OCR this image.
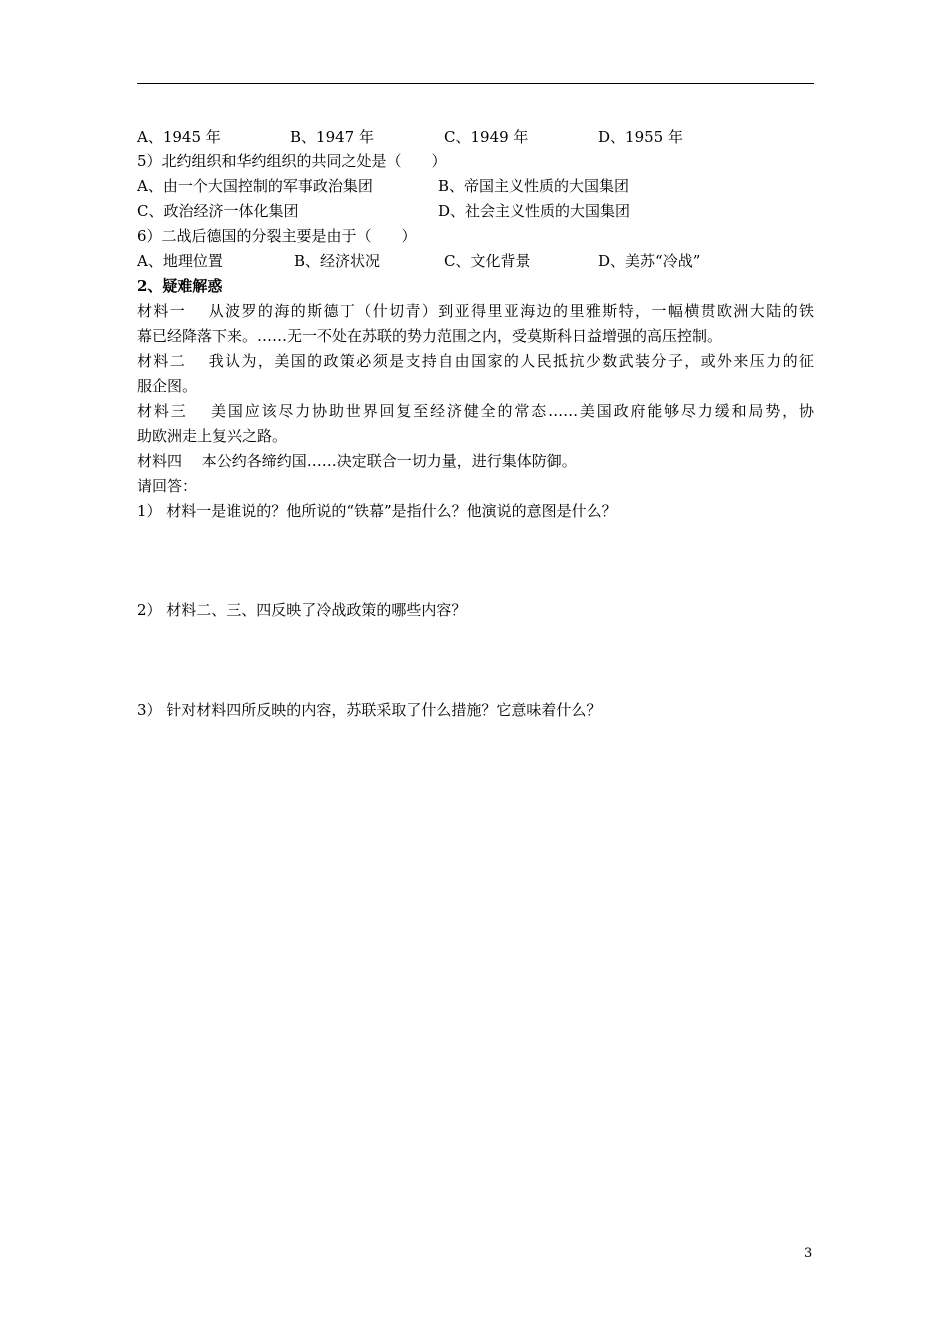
A、1945 年	B、1947 年	C、1949 年	D、1955 年
5）北约组织和华约组织的共同之处是（　　）
A、由一个大国控制的军事政治集团	B、帝国主义性质的大国集团
C、政治经济一体化集团	D、社会主义性质的大国集团
6）二战后德国的分裂主要是由于（　　）
A、地理位置	B、经济状况	C、文化背景	D、美苏“冷战”
2、疑难解惑
材料一　 从波罗的海的斯德丁（什切青）到亚得里亚海边的里雅斯特，一幅横贯欧洲大陆的铁
幕已经降落下来。……无一不处在苏联的势力范围之内，受莫斯科日益增强的高压控制。
材料二　 我认为，美国的政策必须是支持自由国家的人民抵抗少数武装分子，或外来压力的征
服企图。
材料三　 美国应该尽力协助世界回复至经济健全的常态……美国政府能够尽力缓和局势，协
助欧洲走上复兴之路。
材料四　 本公约各缔约国……决定联合一切力量，进行集体防御。
请回答：
1） 材料一是谁说的？他所说的“铁幕”是指什么？他演说的意图是什么？
2） 材料二、三、四反映了冷战政策的哪些内容？
3） 针对材料四所反映的内容，苏联采取了什么措施？它意味着什么？
3
